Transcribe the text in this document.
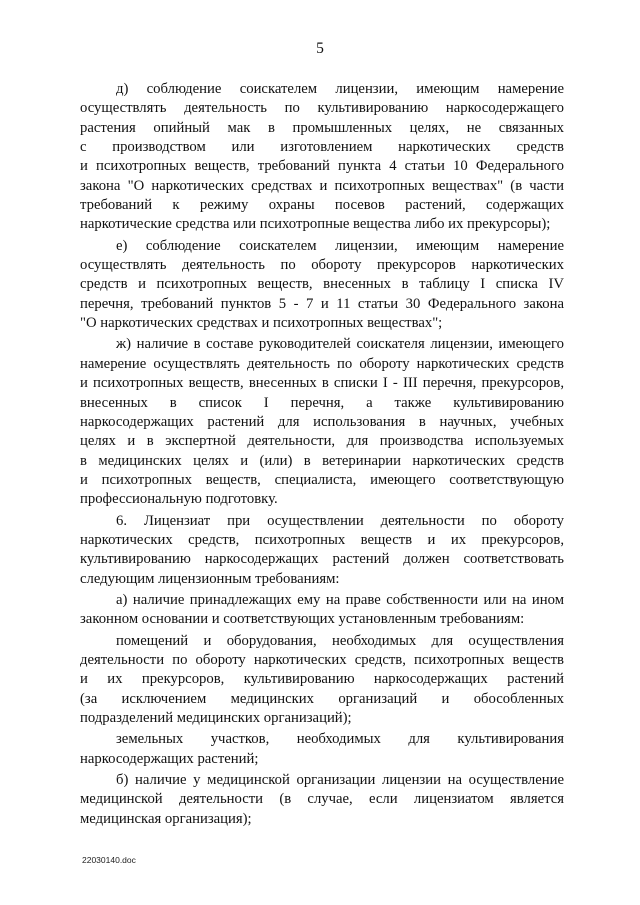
5
д) соблюдение соискателем лицензии, имеющим намерение
осуществлять деятельность по культивированию наркосодержащего
растения опийный мак в промышленных целях, не связанных
с производством или изготовлением наркотических средств
и психотропных веществ, требований пункта 4 статьи 10 Федерального
закона "О наркотических средствах и психотропных веществах" (в части
требований к режиму охраны посевов растений, содержащих
наркотические средства или психотропные вещества либо их прекурсоры);
е) соблюдение соискателем лицензии, имеющим намерение
осуществлять деятельность по обороту прекурсоров наркотических
средств и психотропных веществ, внесенных в таблицу I списка IV
перечня, требований пунктов 5 - 7 и 11 статьи 30 Федерального закона
"О наркотических средствах и психотропных веществах";
ж) наличие в составе руководителей соискателя лицензии, имеющего
намерение осуществлять деятельность по обороту наркотических средств
и психотропных веществ, внесенных в списки I - III перечня, прекурсоров,
внесенных в список I перечня, а также культивированию
наркосодержащих растений для использования в научных, учебных
целях и в экспертной деятельности, для производства используемых
в медицинских целях и (или) в ветеринарии наркотических средств
и психотропных веществ, специалиста, имеющего соответствующую
профессиональную подготовку.
6. Лицензиат при осуществлении деятельности по обороту
наркотических средств, психотропных веществ и их прекурсоров,
культивированию наркосодержащих растений должен соответствовать
следующим лицензионным требованиям:
а) наличие принадлежащих ему на праве собственности или на ином
законном основании и соответствующих установленным требованиям:
помещений и оборудования, необходимых для осуществления
деятельности по обороту наркотических средств, психотропных веществ
и их прекурсоров, культивированию наркосодержащих растений
(за исключением медицинских организаций и обособленных
подразделений медицинских организаций);
земельных участков, необходимых для культивирования
наркосодержащих растений;
б) наличие у медицинской организации лицензии на осуществление
медицинской деятельности (в случае, если лицензиатом является
медицинская организация);
22030140.doc
